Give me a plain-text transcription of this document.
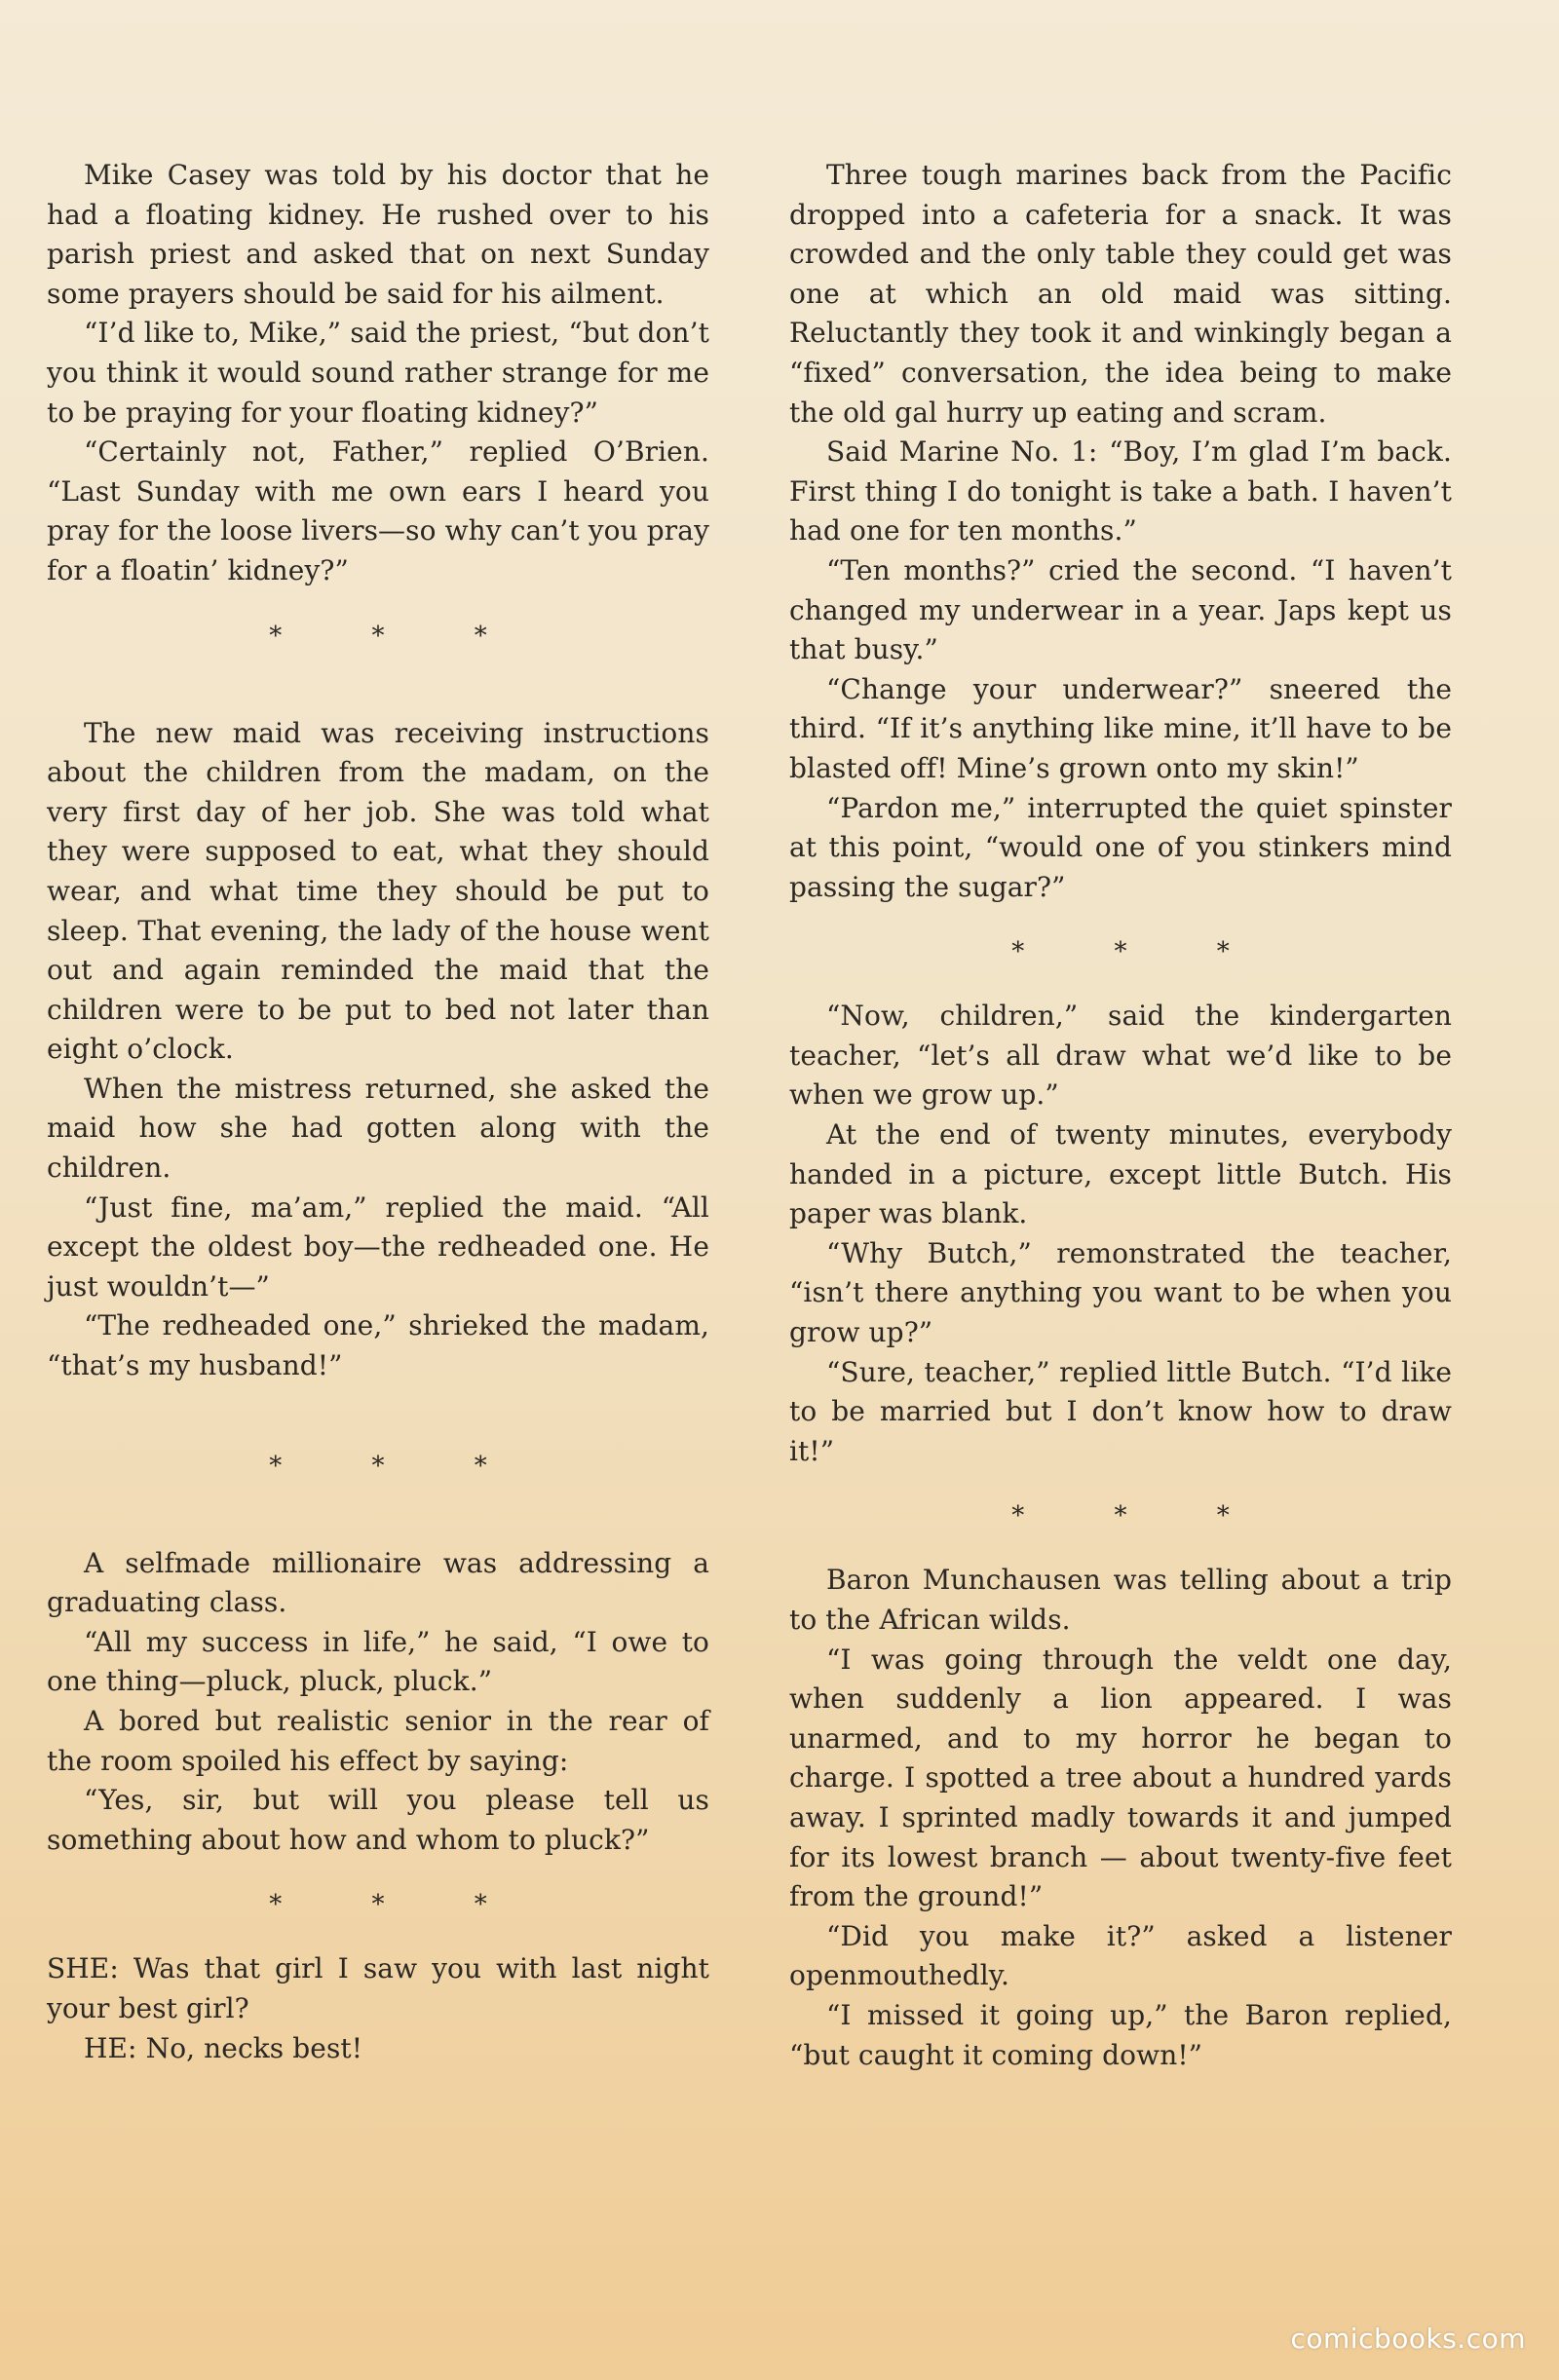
Mike Casey was told by his doctor that he had a floating kidney. He rushed over to his parish priest and asked that on next Sunday some prayers should be said for his ailment.

“I’d like to, Mike,” said the priest, “but don’t you think it would sound rather strange for me to be praying for your floating kidney?”

“Certainly not, Father,” replied O’Brien. “Last Sunday with me own ears I heard you pray for the loose livers—so why can’t you pray for a floatin’ kidney?”

* * *

The new maid was receiving instructions about the children from the madam, on the very first day of her job. She was told what they were supposed to eat, what they should wear, and what time they should be put to sleep. That evening, the lady of the house went out and again reminded the maid that the children were to be put to bed not later than eight o’clock.

When the mistress returned, she asked the maid how she had gotten along with the children.

“Just fine, ma’am,” replied the maid. “All except the oldest boy—the redheaded one. He just wouldn’t—”

“The redheaded one,” shrieked the madam, “that’s my husband!”

* * *

A selfmade millionaire was addressing a graduating class.

“All my success in life,” he said, “I owe to one thing—pluck, pluck, pluck.”

A bored but realistic senior in the rear of the room spoiled his effect by saying:

“Yes, sir, but will you please tell us something about how and whom to pluck?”

* * *

SHE: Was that girl I saw you with last night your best girl?

HE: No, necks best!

Three tough marines back from the Pacific dropped into a cafeteria for a snack. It was crowded and the only table they could get was one at which an old maid was sitting. Reluctantly they took it and winkingly began a “fixed” conversation, the idea being to make the old gal hurry up eating and scram.

Said Marine No. 1: “Boy, I’m glad I’m back. First thing I do tonight is take a bath. I haven’t had one for ten months.”

“Ten months?” cried the second. “I haven’t changed my underwear in a year. Japs kept us that busy.”

“Change your underwear?” sneered the third. “If it’s anything like mine, it’ll have to be blasted off! Mine’s grown onto my skin!”

“Pardon me,” interrupted the quiet spinster at this point, “would one of you stinkers mind passing the sugar?”

* * *

“Now, children,” said the kindergarten teacher, “let’s all draw what we’d like to be when we grow up.”

At the end of twenty minutes, everybody handed in a picture, except little Butch. His paper was blank.

“Why Butch,” remonstrated the teacher, “isn’t there anything you want to be when you grow up?”

“Sure, teacher,” replied little Butch. “I’d like to be married but I don’t know how to draw it!”

* * *

Baron Munchausen was telling about a trip to the African wilds.

“I was going through the veldt one day, when suddenly a lion appeared. I was unarmed, and to my horror he began to charge. I spotted a tree about a hundred yards away. I sprinted madly towards it and jumped for its lowest branch — about twenty-five feet from the ground!”

“Did you make it?” asked a listener openmouthedly.

“I missed it going up,” the Baron replied, “but caught it coming down!”

comicbooks.com
